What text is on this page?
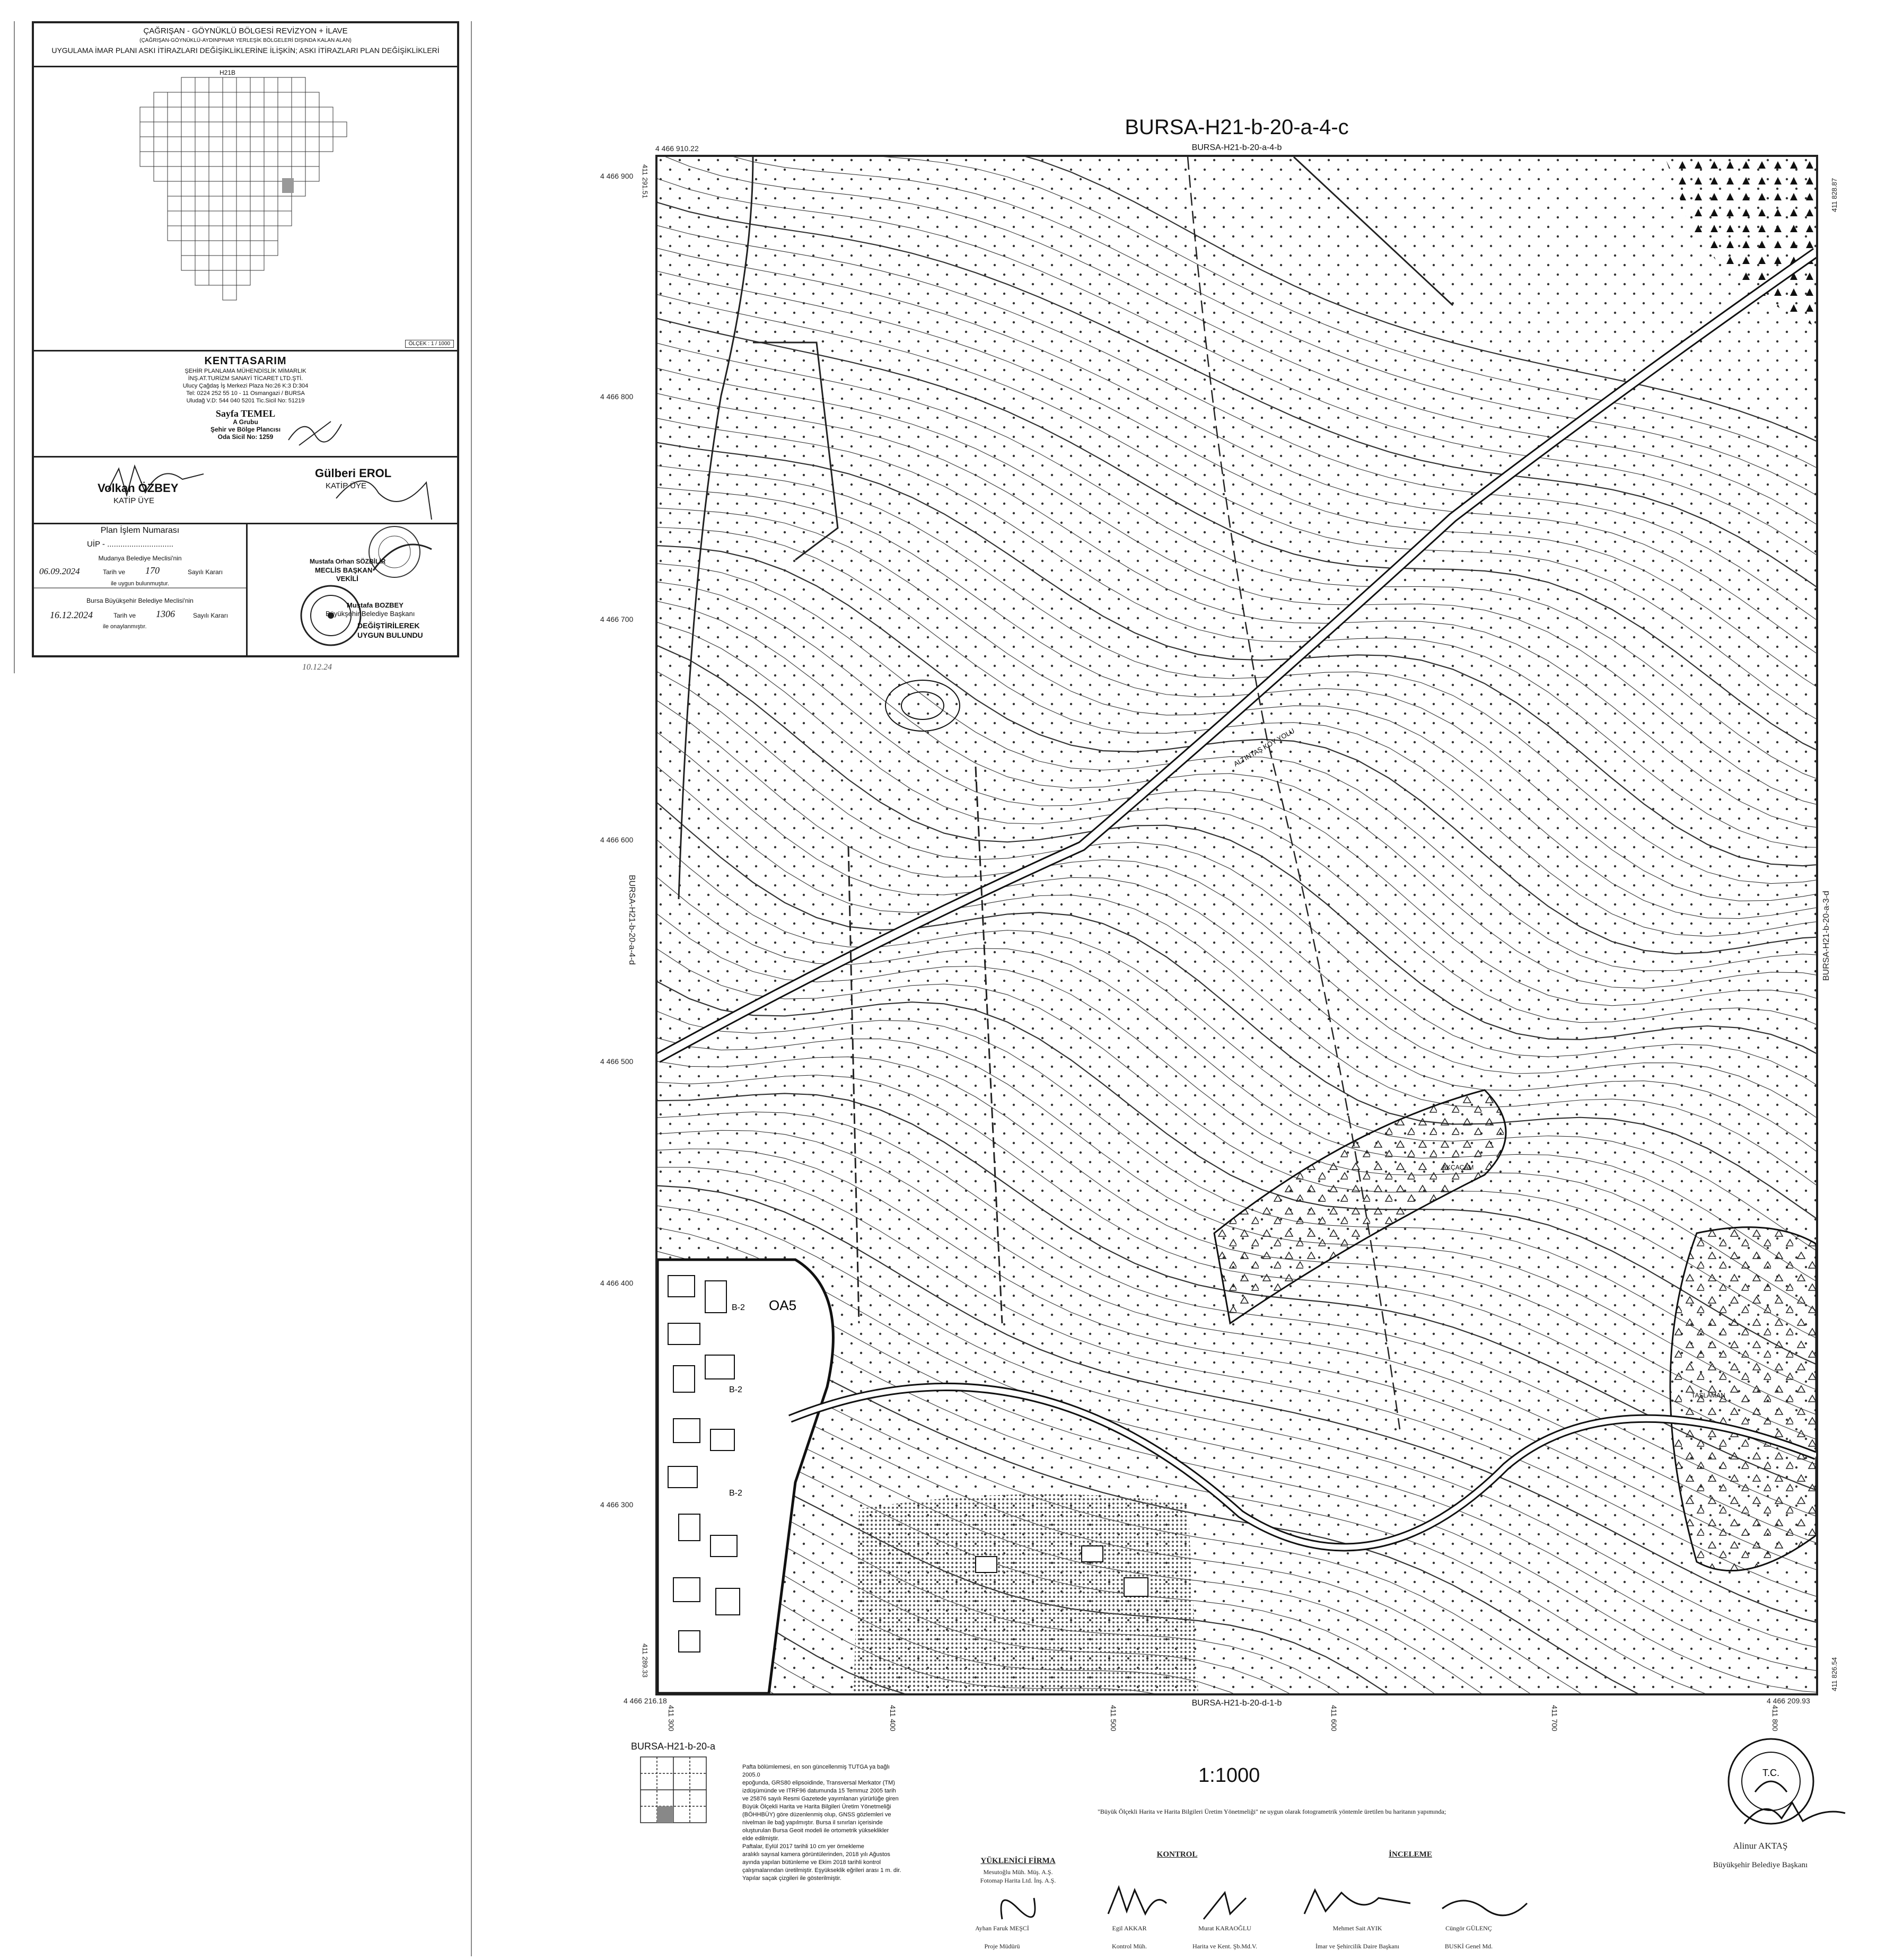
ÇAĞRIŞAN - GÖYNÜKLÜ BÖLGESİ REVİZYON + İLAVE
(ÇAĞRIŞAN-GÖYNÜKLÜ-AYDINPINAR YERLEŞİK BÖLGELERİ DIŞINDA KALAN ALAN)
UYGULAMA İMAR PLANI ASKI İTİRAZLARI DEĞİŞİKLİKLERİNE İLİŞKİN; ASKI İTİRAZLARI PLAN DEĞİŞİKLİKLERİ
H21B
ÖLÇEK : 1 / 1000
KENTTASARIM
ŞEHİR PLANLAMA MÜHENDİSLİK MİMARLIK
İNŞ.AT.TURİZM SANAYİ TİCARET LTD.ŞTİ.
Ulucy Çağdaş İş Merkezi Plaza No:26 K:3 D:304
Tel: 0224 252 55 10 - 11 Osmangazi / BURSA
Uludağ V.D: 544 040 5201 Tic.Sicil No: 51219
Sayfa TEMEL
A Grubu
Şehir ve Bölge Plancısı
Oda Sicil No: 1259
Volkan ÖZBEY
KATİP ÜYE
Gülberi EROL
KATİP ÜYE
Plan İşlem Numarası
UİP - ..............................
Mudanya Belediye Meclisi'nin
06.09.2024	Tarih ve 170	Sayılı Kararı
ile uygun bulunmuştur.
Bursa Büyükşehir Belediye Meclisi'nin
16.12.2024	Tarih ve 1306	Sayılı Kararı
ile onaylanmıştır.
Mustafa Orhan SÖZBİLİR
MECLİS BAŞKAN
VEKİLİ
Mustafa BOZBEY
Büyükşehir Belediye Başkanı
DEĞİŞTİRİLEREK
UYGUN BULUNDU
10.12.24
BURSA-H21-b-20-a-4-c
BURSA-H21-b-20-a-4-b
4 466 910.22
4 466 900
4 466 800
4 466 700
4 466 600
4 466 500
4 466 400
4 466 300
BURSA-H21-b-20-a-4-d	BURSA-H21-b-20-a-3-d
411 291.51	411 828.87
411 289.33	411 826.54
ALTINTAŞ KÖY YOLU
OA5
B-2
B-2
B-2
AKÇAÇAM
TAŞLAMAN
4 466 216.18	4 466 209.93
BURSA-H21-b-20-d-1-b
411 300	411 400	411 500	411 600	411 700	411 800
BURSA-H21-b-20-a
Pafta bölümlemesi, en son güncellenmiş TUTGA ya bağlı 2005.0
epoğunda, GRS80 elipsoidinde, Transversal Merkator (TM)
izdüşümünde ve ITRF96 datumunda 15 Temmuz 2005 tarih
ve 25876 sayılı Resmi Gazetede yayımlanan yürürlüğe giren
Büyük Ölçekli Harita ve Harita Bilgileri Üretim Yönetmeliği
(BÖHHBÜY) göre düzenlenmiş olup, GNSS gözlemleri ve
nivelman ile bağ yapılmıştır. Bursa il sınırları içerisinde
oluşturulan Bursa Geoit modeli ile ortometrik yükseklikler elde edilmiştir.
Paftalar, Eylül 2017 tarihli 10 cm yer örnekleme
aralıklı sayısal kamera görüntülerinden, 2018 yılı Ağustos
ayında yapılan bütünleme ve Ekim 2018 tarihli kontrol
çalışmalarından üretilmiştir. Eşyükseklik eğrileri arası 1 m. dir.
Yapılar saçak çizgileri ile gösterilmiştir.
1:1000
"Büyük Ölçekli Harita ve Harita Bilgileri Üretim Yönetmeliği" ne uygun olarak fotogrametrik yöntemle üretilen bu haritanın yapımında;
YÜKLENİCİ FİRMA
Mesutoğlu Müh. Müş. A.Ş.
Fotomap Harita Ltd. İnş. A.Ş.
KONTROL	İNCELEME
Ayhan Faruk MEŞCİ
Proje Müdürü
Egil AKKAR
Kontrol Müh.
Murat KARAOĞLU
Harita ve Kent. Şb.Md.V.
Mehmet Sait AYIK
İmar ve Şehircilik Daire Başkanı
Cüngör GÜLENÇ
BUSKİ Genel Md.
T.C.
Alinur AKTAŞ
Büyükşehir Belediye Başkanı
